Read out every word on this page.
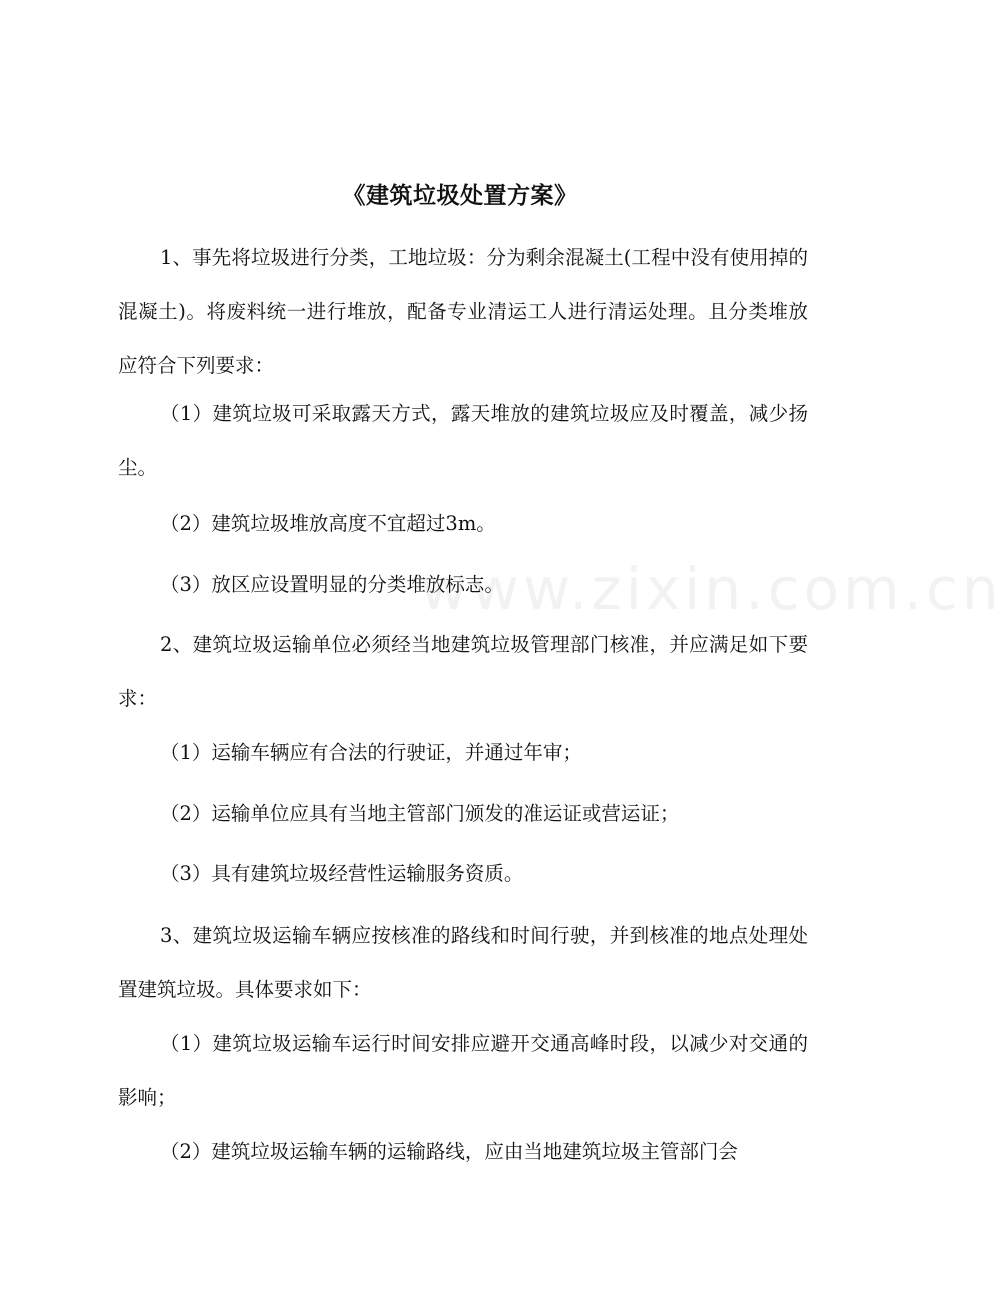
www.zixin.com.cn
《建筑垃圾处置方案》

1、事先将垃圾进行分类，工地垃圾：分为剩余混凝土(工程中没有使用掉的混凝土)。将废料统一进行堆放，配备专业清运工人进行清运处理。且分类堆放应符合下列要求：

（1）建筑垃圾可采取露天方式，露天堆放的建筑垃圾应及时覆盖，减少扬尘。

（2）建筑垃圾堆放高度不宜超过3m。

（3）放区应设置明显的分类堆放标志。

2、建筑垃圾运输单位必须经当地建筑垃圾管理部门核准，并应满足如下要求：

（1）运输车辆应有合法的行驶证，并通过年审；

（2）运输单位应具有当地主管部门颁发的准运证或营运证；

（3）具有建筑垃圾经营性运输服务资质。

3、建筑垃圾运输车辆应按核准的路线和时间行驶，并到核准的地点处理处置建筑垃圾。具体要求如下：

（1）建筑垃圾运输车运行时间安排应避开交通高峰时段，以减少对交通的影响；

（2）建筑垃圾运输车辆的运输路线，应由当地建筑垃圾主管部门会
